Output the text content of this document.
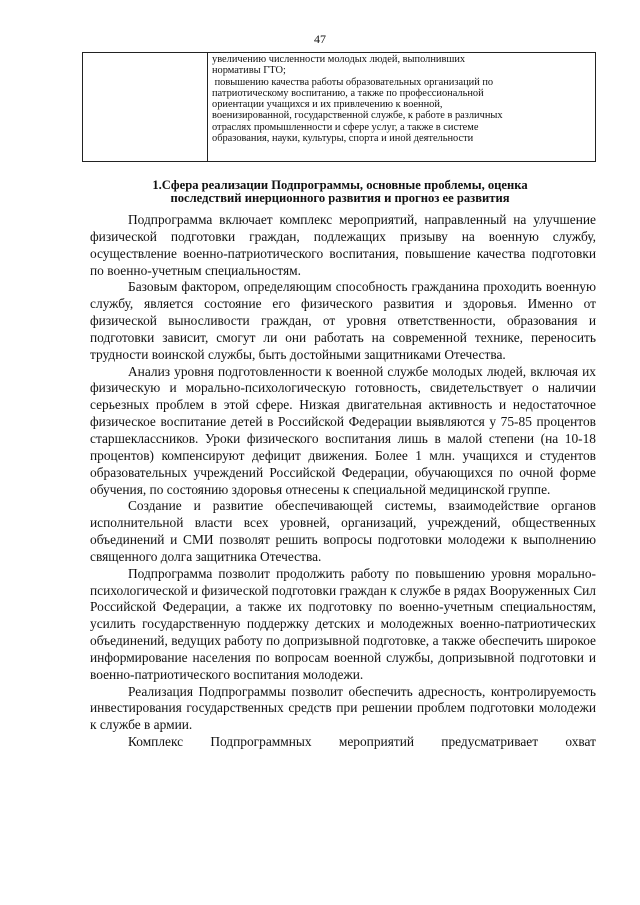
47

увеличению численности молодых людей, выполнивших
нормативы ГТО;
повышению качества работы образовательных организаций по
патриотическому воспитанию, а также по профессиональной
ориентации учащихся и их привлечению к военной,
военизированной, государственной службе, к работе в различных
отраслях промышленности и сфере услуг, а также в системе
образования, науки, культуры, спорта и иной деятельности
1.Сфера реализации Подпрограммы, основные проблемы, оценка
последствий инерционного развития и прогноз ее развития

Подпрограмма включает комплекс мероприятий, направленный на улучшение физической подготовки граждан, подлежащих призыву на военную службу, осуществление военно-патриотического воспитания, повышение качества подготовки по военно-учетным специальностям.

Базовым фактором, определяющим способность гражданина проходить военную службу, является состояние его физического развития и здоровья. Именно от физической выносливости граждан, от уровня ответственности, образования и подготовки зависит, смогут ли они работать на современной технике, переносить трудности воинской службы, быть достойными защитниками Отечества.

Анализ уровня подготовленности к военной службе молодых людей, включая их физическую и морально-психологическую готовность, свидетельствует о наличии серьезных проблем в этой сфере. Низкая двигательная активность и недостаточное физическое воспитание детей в Российской Федерации выявляются у 75-85 процентов старшеклассников. Уроки физического воспитания лишь в малой степени (на 10-18 процентов) компенсируют дефицит движения. Более 1 млн. учащихся и студентов образовательных учреждений Российской Федерации, обучающихся по очной форме обучения, по состоянию здоровья отнесены к специальной медицинской группе.

Создание и развитие обеспечивающей системы, взаимодействие органов исполнительной власти всех уровней, организаций, учреждений, общественных объединений и СМИ позволят решить вопросы подготовки молодежи к выполнению священного долга защитника Отечества.

Подпрограмма позволит продолжить работу по повышению уровня морально-психологической и физической подготовки граждан к службе в рядах Вооруженных Сил Российской Федерации, а также их подготовку по военно-учетным специальностям, усилить государственную поддержку детских и молодежных военно-патриотических объединений, ведущих работу по допризывной подготовке, а также обеспечить широкое информирование населения по вопросам военной службы, допризывной подготовки и военно-патриотического воспитания молодежи.

Реализация Подпрограммы позволит обеспечить адресность, контролируемость инвестирования государственных средств при решении проблем подготовки молодежи к службе в армии.

Комплекс Подпрограммных мероприятий предусматривает охват
